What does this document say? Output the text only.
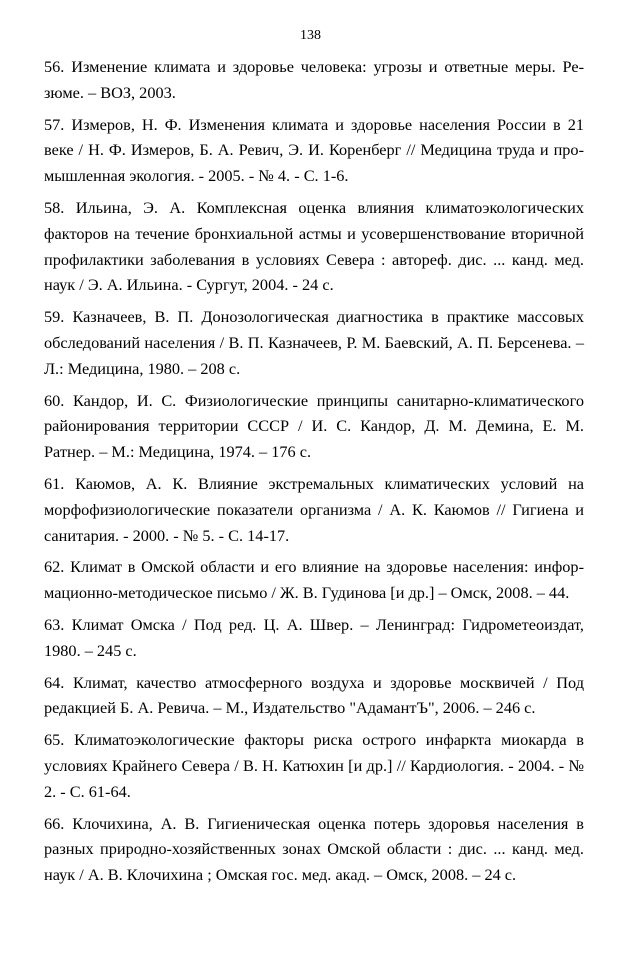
138

56. Изменение климата и здоровье человека: угрозы и ответные меры. Ре-зюме. – ВОЗ, 2003.

57. Измеров, Н. Ф. Изменения климата и здоровье населения России в 21 веке / Н. Ф. Измеров, Б. А. Ревич, Э. И. Коренберг // Медицина труда и про-мышленная экология. - 2005. - № 4. - С. 1-6.

58. Ильина, Э. А. Комплексная оценка влияния климатоэкологических факторов на течение бронхиальной астмы и усовершенствование вторичной профилактики заболевания в условиях Севера : автореф. дис. ... канд. мед. наук / Э. А. Ильина. - Сургут, 2004. - 24 с.

59. Казначеев, В. П. Донозологическая диагностика в практике массовых обследований населения / В. П. Казначеев, Р. М. Баевский, А. П. Берсенева. – Л.: Медицина, 1980. – 208 с.

60. Кандор, И. С. Физиологические принципы санитарно-климатического районирования территории СССР / И. С. Кандор, Д. М. Демина, Е. М. Ратнер. – М.: Медицина, 1974. – 176 с.

61. Каюмов, А. К. Влияние экстремальных климатических условий на морфофизиологические показатели организма / А. К. Каюмов // Гигиена и санитария. - 2000. - № 5. - С. 14-17.

62. Климат в Омской области и его влияние на здоровье населения: инфор-мационно-методическое письмо / Ж. В. Гудинова [и др.] – Омск, 2008. – 44.

63. Климат Омска / Под ред. Ц. А. Швер. – Ленинград: Гидрометеоиздат, 1980. – 245 с.

64. Климат, качество атмосферного воздуха и здоровье москвичей / Под редакцией Б. А. Ревича. – М., Издательство "АдамантЪ", 2006. – 246 с.

65. Климатоэкологические факторы риска острого инфаркта миокарда в условиях Крайнего Севера / В. Н. Катюхин [и др.] // Кардиология. - 2004. - № 2. - С. 61-64.

66. Клочихина, А. В. Гигиеническая оценка потерь здоровья населения в разных природно-хозяйственных зонах Омской области : дис. ... канд. мед. наук / А. В. Клочихина ; Омская гос. мед. акад. – Омск, 2008. – 24 с.
